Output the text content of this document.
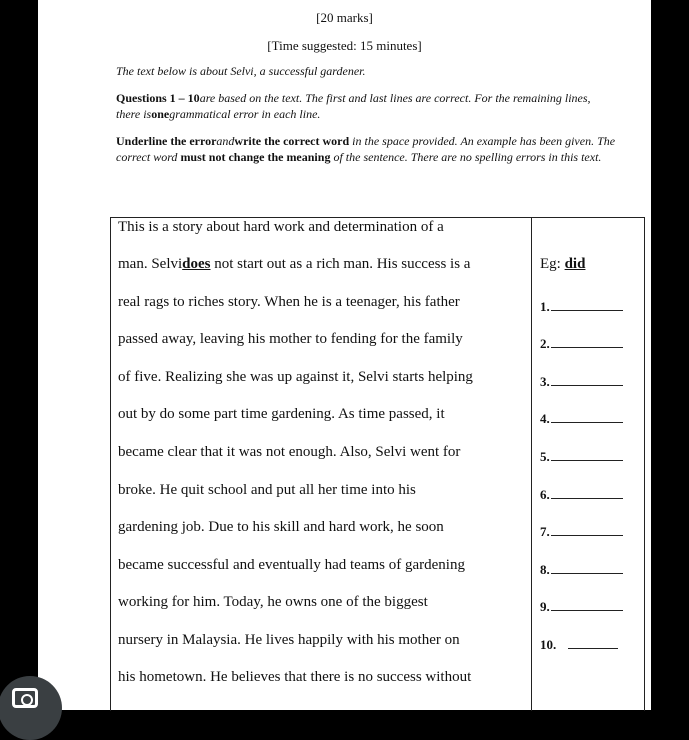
[20 marks]
[Time suggested: 15 minutes]
The text below is about Selvi, a successful gardener.
Questions 1 – 10are based on the text. The first and last lines are correct. For the remaining lines, there isonegrammatical error in each line.
Underline the errorandwrite the correct word in the space provided. An example has been given. The correct word must not change the meaning of the sentence. There are no spelling errors in this text.
This is a story about hard work and determination of a
man. Selvidoes not start out as a rich man. His success is a	Eg: did
real rags to riches story. When he is a teenager, his father	1.
passed away, leaving his mother to fending for the family	2.
of five. Realizing she was up against it, Selvi starts helping	3.
out by do some part time gardening. As time passed, it	4.
became clear that it was not enough. Also, Selvi went for	5.
broke. He quit school and put all her time into his	6.
gardening job. Due to his skill and hard work, he soon	7.
became successful and eventually had teams of gardening	8.
working for him. Today, he owns one of the biggest	9.
nursery in Malaysia. He lives happily with his mother on	10.
his hometown. He believes that there is no success without
